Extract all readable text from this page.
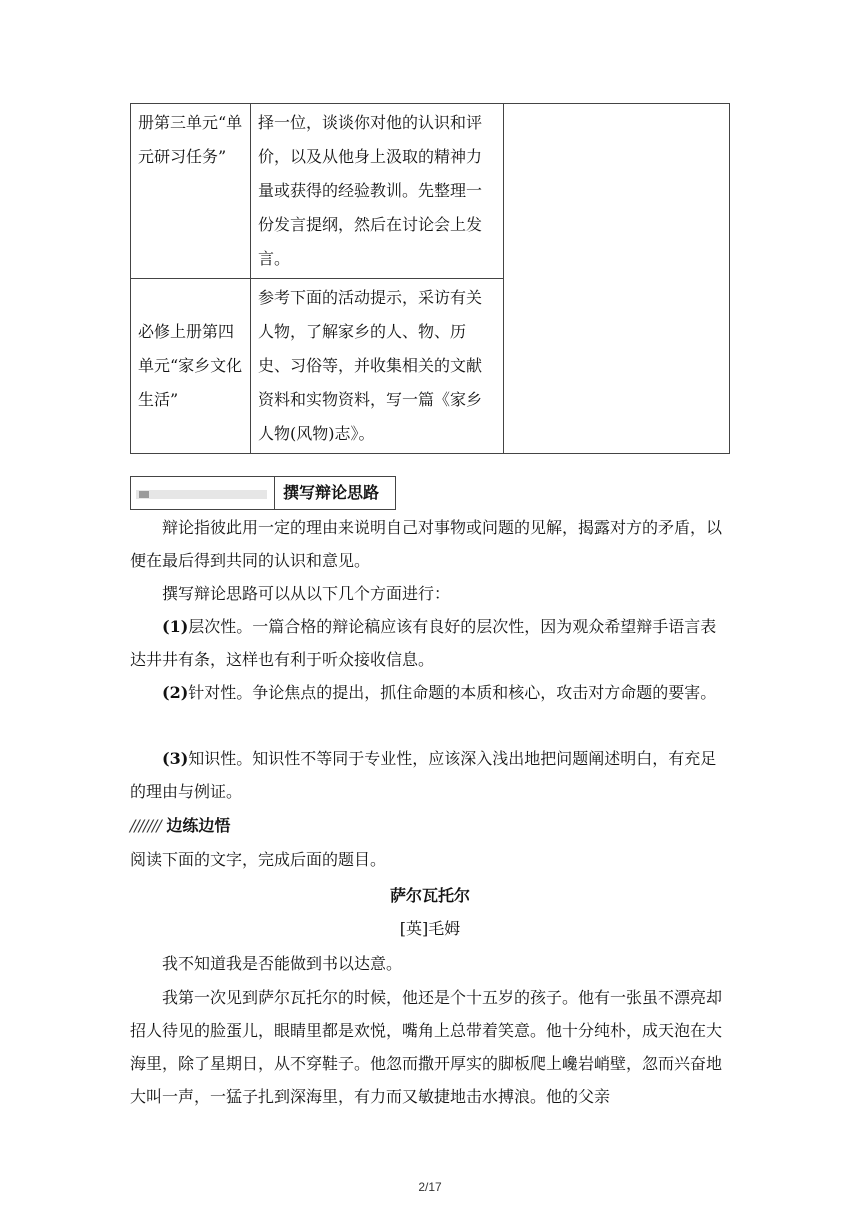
册第三单元“单元研习任务”	择一位，谈谈你对他的认识和评价，以及从他身上汲取的精神力量或获得的经验教训。先整理一份发言提纲，然后在讨论会上发言。	
必修上册第四单元“家乡文化生活”	参考下面的活动提示，采访有关人物，了解家乡的人、物、历史、习俗等，并收集相关的文献资料和实物资料，写一篇《家乡人物(风物)志》。	
撰写辩论思路
辩论指彼此用一定的理由来说明自己对事物或问题的见解，揭露对方的矛盾，以便在最后得到共同的认识和意见。
撰写辩论思路可以从以下几个方面进行：
(1)层次性。一篇合格的辩论稿应该有良好的层次性，因为观众希望辩手语言表达井井有条，这样也有利于听众接收信息。
(2)针对性。争论焦点的提出，抓住命题的本质和核心，攻击对方命题的要害。
(3)知识性。知识性不等同于专业性，应该深入浅出地把问题阐述明白，有充足的理由与例证。
/////// 边练边悟
阅读下面的文字，完成后面的题目。
萨尔瓦托尔
[英]毛姆
我不知道我是否能做到书以达意。
我第一次见到萨尔瓦托尔的时候，他还是个十五岁的孩子。他有一张虽不漂亮却招人待见的脸蛋儿，眼睛里都是欢悦，嘴角上总带着笑意。他十分纯朴，成天泡在大海里，除了星期日，从不穿鞋子。他忽而撒开厚实的脚板爬上巉岩峭壁，忽而兴奋地大叫一声，一猛子扎到深海里，有力而又敏捷地击水搏浪。他的父亲
2/17
